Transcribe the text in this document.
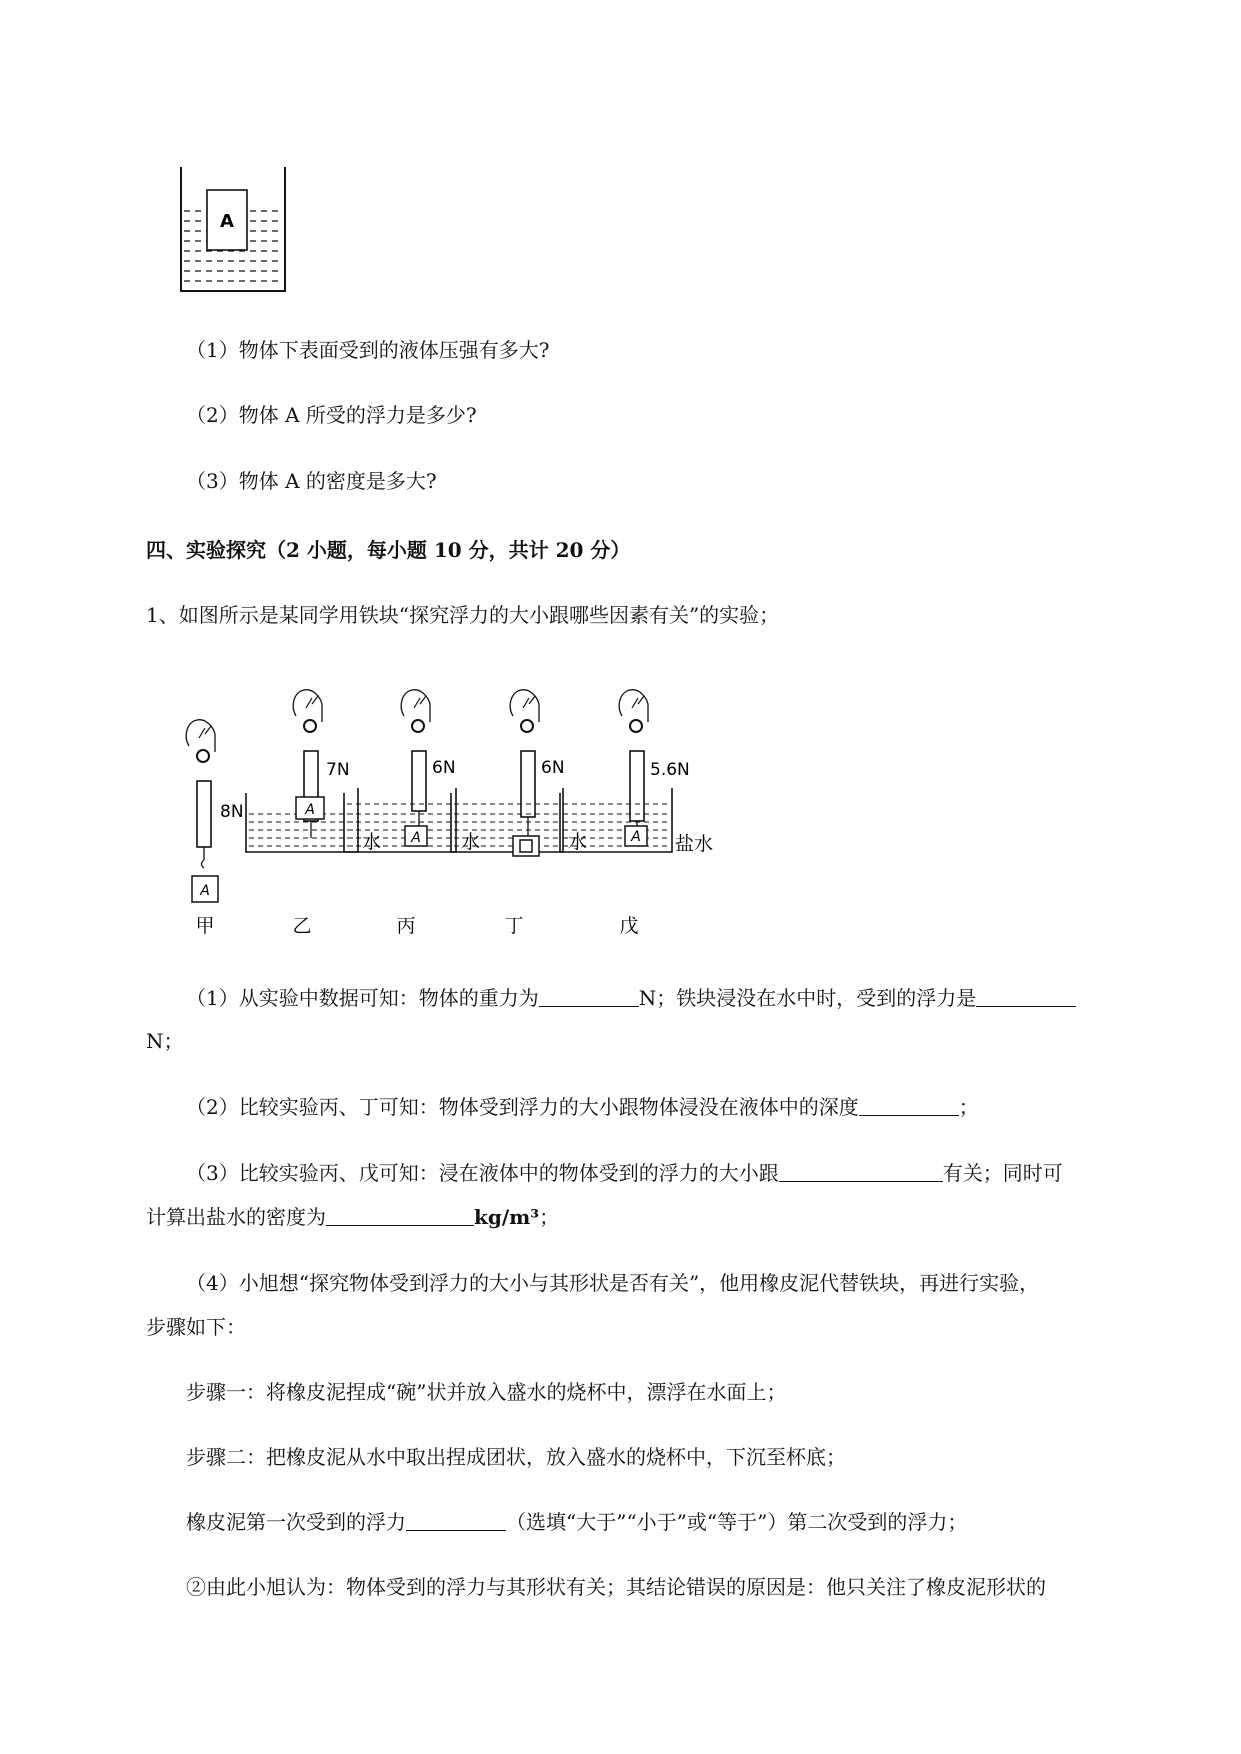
A
（1）物体下表面受到的液体压强有多大?
（2）物体 A 所受的浮力是多少?
（3）物体 A 的密度是多大?
四、实验探究（2 小题，每小题 10 分，共计 20 分）
1、如图所示是某同学用铁块“探究浮力的大小跟哪些因素有关”的实验；
A
8N
甲
A
7N
水
乙
A
6N
水
丙
6N
水
丁
A
5.6N
盐水
戊
（1）从实验中数据可知：物体的重力为	N；铁块浸没在水中时，受到的浮力是
N；
（2）比较实验丙、丁可知：物体受到浮力的大小跟物体浸没在液体中的深度	；
（3）比较实验丙、戊可知：浸在液体中的物体受到的浮力的大小跟	有关；同时可
计算出盐水的密度为	kg/m³；
（4）小旭想“探究物体受到浮力的大小与其形状是否有关”，他用橡皮泥代替铁块，再进行实验，
步骤如下：
步骤一：将橡皮泥捏成“碗”状并放入盛水的烧杯中，漂浮在水面上；
步骤二：把橡皮泥从水中取出捏成团状，放入盛水的烧杯中，下沉至杯底；
橡皮泥第一次受到的浮力	（选填“大于”“小于”或“等于”）第二次受到的浮力；
②由此小旭认为：物体受到的浮力与其形状有关；其结论错误的原因是：他只关注了橡皮泥形状的
